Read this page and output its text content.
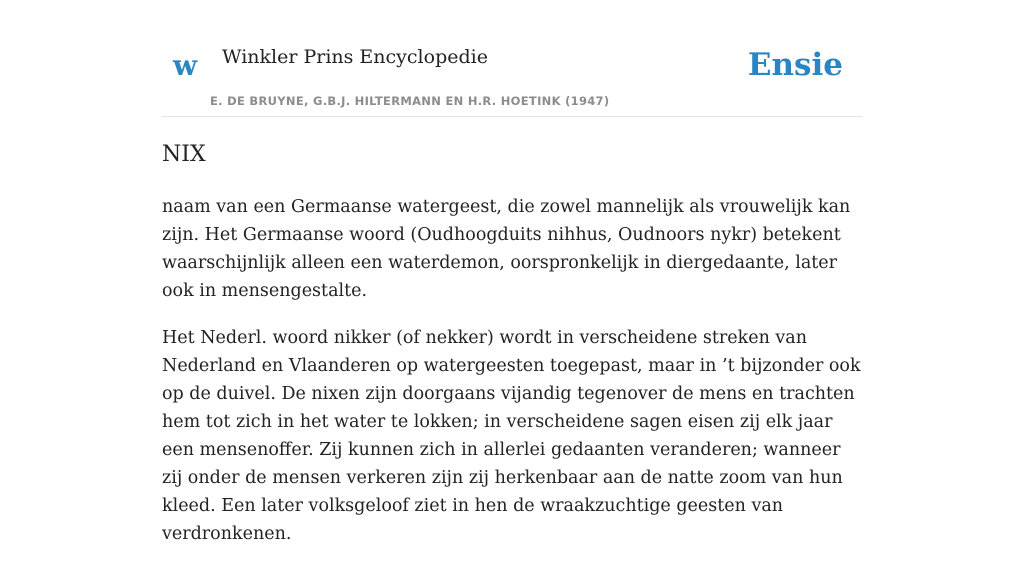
w Winkler Prins Encyclopedie
E. DE BRUYNE, G.B.J. HILTERMANN EN H.R. HOETINK (1947)
Ensie
NIX

naam van een Germaanse watergeest, die zowel mannelijk als vrouwelijk kan zijn. Het Germaanse woord (Oudhoogduits nihhus, Oudnoors nykr) betekent waarschijnlijk alleen een waterdemon, oorspronkelijk in diergedaante, later ook in mensengestalte.

Het Nederl. woord nikker (of nekker) wordt in verscheidene streken van Nederland en Vlaanderen op watergeesten toegepast, maar in ’t bijzonder ook op de duivel. De nixen zijn doorgaans vijandig tegenover de mens en trachten hem tot zich in het water te lokken; in verscheidene sagen eisen zij elk jaar een mensenoffer. Zij kunnen zich in allerlei gedaanten veranderen; wanneer zij onder de mensen verkeren zijn zij herkenbaar aan de natte zoom van hun kleed. Een later volksgeloof ziet in hen de wraakzuchtige geesten van verdronkenen.
